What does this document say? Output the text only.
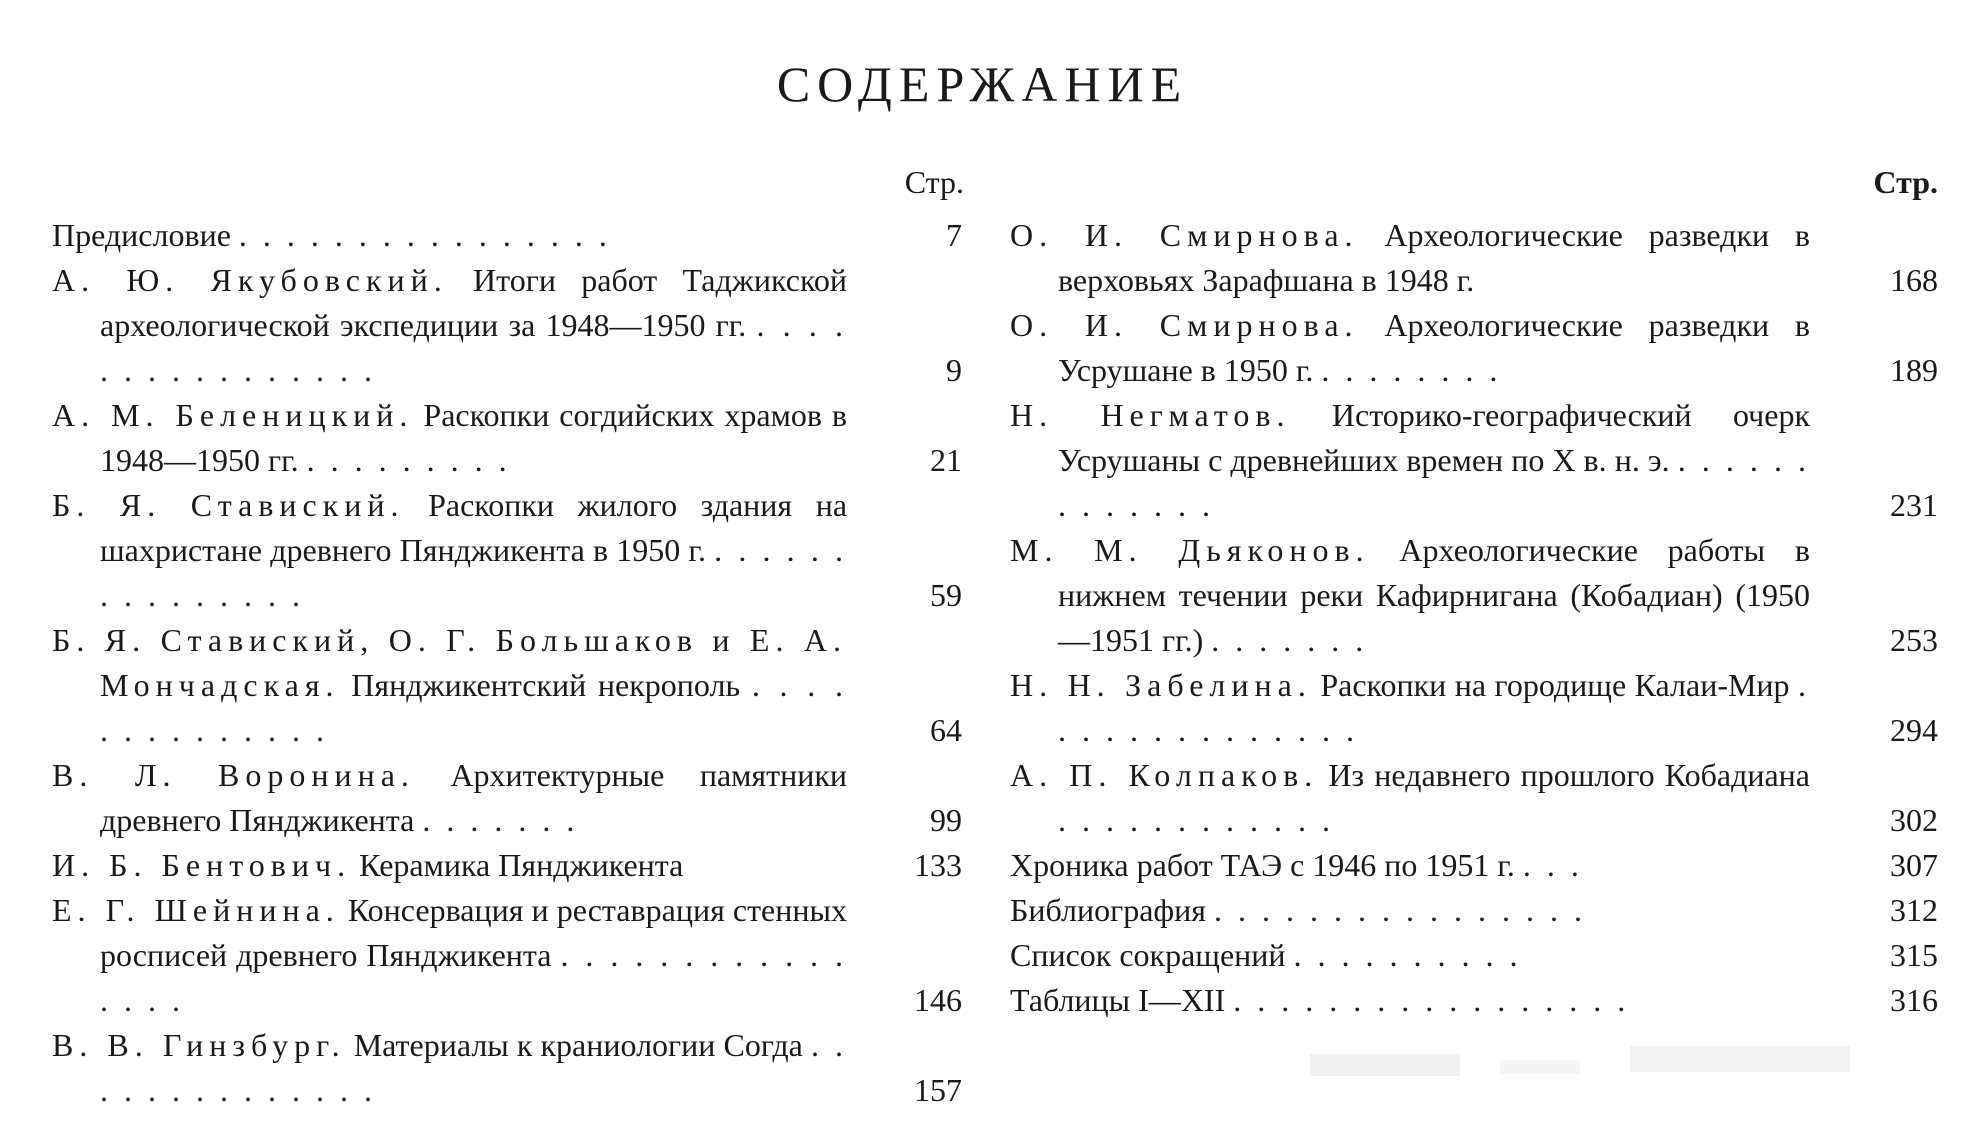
СОДЕРЖАНИЕ
Стр.
Предисловие . . . . . . . . . . . . . . . .	7
А. Ю. Якубовский. Итоги работ Таджикской археологической экспедиции за 1948—1950 гг. . . . . . . . . . . . . . . . .	9
А. М. Беленицкий. Раскопки согдийских храмов в 1948—1950 гг. . . . . . . . . .	21
Б. Я. Ставиский. Раскопки жилого здания на шахристане древнего Пянджикента в 1950 г. . . . . . . . . . . . . . . .	59
Б. Я. Ставиский, О. Г. Большаков и Е. А. Мончадская. Пянджикентский некрополь . . . . . . . . . . . . . .	64
В. Л. Воронина. Архитектурные памятники древнего Пянджикента . . . . . . .	99
И. Б. Бентович. Керамика Пянджикента	133
Е. Г. Шейнина. Консервация и реставрация стенных росписей древнего Пянджикента . . . . . . . . . . . . . . . .	146
В. В. Гинзбург. Материалы к краниологии Согда . . . . . . . . . . . . . .	157
Стр.
О. И. Смирнова. Археологические разведки в верховьях Зарафшана в 1948 г.	168
О. И. Смирнова. Археологические разведки в Усрушане в 1950 г. . . . . . . . .	189
Н. Негматов. Историко-географический очерк Усрушаны с древнейших времен по X в. н. э. . . . . . . . . . . . . .	231
М. М. Дьяконов. Археологические работы в нижнем течении реки Кафирнигана (Кобадиан) (1950—1951 гг.) . . . . . . .	253
Н. Н. Забелина. Раскопки на городище Калаи-Мир . . . . . . . . . . . . . .	294
А. П. Колпаков. Из недавнего прошлого Кобадиана . . . . . . . . . . . .	302
Хроника работ ТАЭ с 1946 по 1951 г. . . .	307
Библиография . . . . . . . . . . . . . . . .	312
Список сокращений . . . . . . . . . .	315
Таблицы I—XII . . . . . . . . . . . . . . . . .	316
